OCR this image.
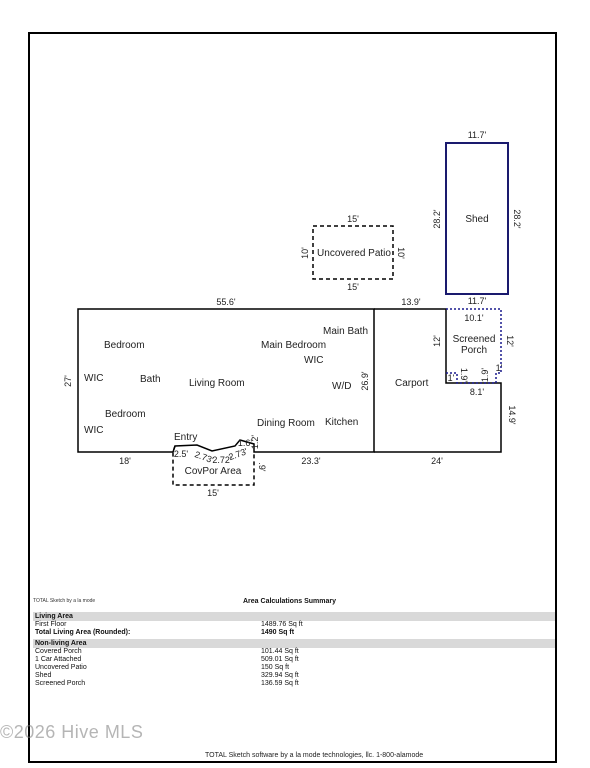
11.7'
28.2'	28.2'
Shed
11.7'
15'
15'
10'	10'
Uncovered Patio
55.6'	13.9'
27'	26.9'
Bedroom
WIC	Bath	Living Room
Bedroom
WIC
Main Bedroom
Main Bath
WIC
W/D
Kitchen
Dining Room
Entry
Carport
Screened
Porch
10.1'
12'	12'
1.9' 1.9'
1'
1'
8.1'
14.9'
24'
18'	23.3'
CovPor Area
15'
2.5' 2.73'
2.72'
2.73'
1.6'
1.2'
.9'
TOTAL Sketch by a la mode	Area Calculations Summary
Living Area
First Floor	1489.76 Sq ft
Total Living Area (Rounded):	1490 Sq ft
Non-living Area
Covered Porch	101.44 Sq ft
1 Car Attached	509.01 Sq ft
Uncovered Patio	150 Sq ft
Shed	329.94 Sq ft
Screened Porch	136.59 Sq ft
©2026 Hive MLS
TOTAL Sketch software by a la mode technologies, llc. 1-800-alamode
